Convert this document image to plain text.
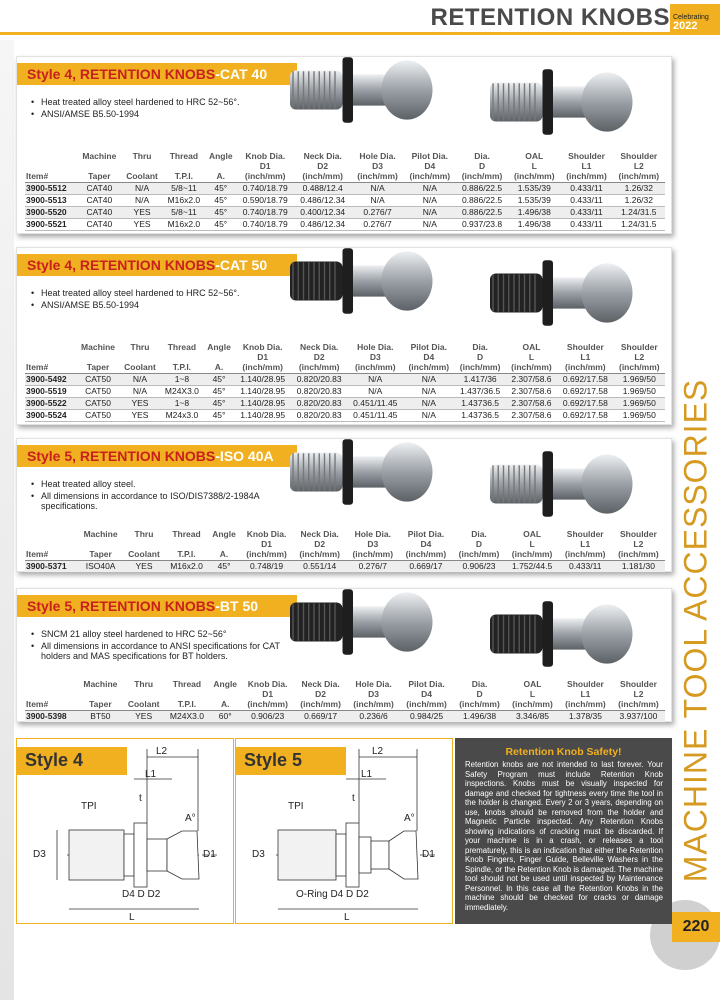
RETENTION KNOBS Celebrating
2022
MACHINE TOOL ACCESSORIES
220
Style 4, RETENTION KNOBS-CAT 40
• Heat treated alloy steel hardened to HRC 52~56°.
• ANSI/AMSE B5.50-1994
	Machine	Thru	Thread	Angle	Knob Dia.	Neck Dia.	Hole Dia.	Pilot Dia.	Dia.	OAL	Shoulder	Shoulder
					D1	D2	D3	D4	D	L	L1	L2
Item#	Taper	Coolant	T.P.I.	A.	(inch/mm)	(inch/mm)	(inch/mm)	(inch/mm)	(inch/mm)	(inch/mm)	(inch/mm)	(inch/mm)
3900-5512	CAT40	N/A	5/8~11	45°	0.740/18.79	0.488/12.4	N/A	N/A	0.886/22.5	1.535/39	0.433/11	1.26/32
3900-5513	CAT40	N/A	M16x2.0	45°	0.590/18.79	0.486/12.34	N/A	N/A	0.886/22.5	1.535/39	0.433/11	1.26/32
3900-5520	CAT40	YES	5/8~11	45°	0.740/18.79	0.400/12.34	0.276/7	N/A	0.886/22.5	1.496/38	0.433/11	1.24/31.5
3900-5521	CAT40	YES	M16x2.0	45°	0.740/18.79	0.486/12.34	0.276/7	N/A	0.937/23.8	1.496/38	0.433/11	1.24/31.5
Style 4, RETENTION KNOBS-CAT 50
• Heat treated alloy steel hardened to HRC 52~56°.
• ANSI/AMSE B5.50-1994
	Machine	Thru	Thread	Angle	Knob Dia.	Neck Dia.	Hole Dia.	Pilot Dia.	Dia.	OAL	Shoulder	Shoulder
					D1	D2	D3	D4	D	L	L1	L2
Item#	Taper	Coolant	T.P.I.	A.	(inch/mm)	(inch/mm)	(inch/mm)	(inch/mm)	(inch/mm)	(inch/mm)	(inch/mm)	(inch/mm)
3900-5492	CAT50	N/A	1~8	45°	1.140/28.95	0.820/20.83	N/A	N/A	1.417/36	2.307/58.6	0.692/17.58	1.969/50
3900-5519	CAT50	N/A	M24X3.0	45°	1.140/28.95	0.820/20.83	N/A	N/A	1.437/36.5	2.307/58.6	0.692/17.58	1.969/50
3900-5522	CAT50	YES	1~8	45°	1.140/28.95	0.820/20.83	0.451/11.45	N/A	1.43736.5	2.307/58.6	0.692/17.58	1.969/50
3900-5524	CAT50	YES	M24x3.0	45°	1.140/28.95	0.820/20.83	0.451/11.45	N/A	1.43736.5	2.307/58.6	0.692/17.58	1.969/50
Style 5, RETENTION KNOBS-ISO 40A
• Heat treated alloy steel.
• All dimensions in accordance to ISO/DIS7388/2-1984A specifications.
	Machine	Thru	Thread	Angle	Knob Dia.	Neck Dia.	Hole Dia.	Pilot Dia.	Dia.	OAL	Shoulder	Shoulder
					D1	D2	D3	D4	D	L	L1	L2
Item#	Taper	Coolant	T.P.I.	A.	(inch/mm)	(inch/mm)	(inch/mm)	(inch/mm)	(inch/mm)	(inch/mm)	(inch/mm)	(inch/mm)
3900-5371	ISO40A	YES	M16x2.0	45°	0.748/19	0.551/14	0.276/7	0.669/17	0.906/23	1.752/44.5	0.433/11	1.181/30
Style 5, RETENTION KNOBS-BT 50
• SNCM 21 alloy steel hardened to HRC 52~56°
• All dimensions in accordance to ANSI specifications for CAT holders and MAS specifications for BT holders.
	Machine	Thru	Thread	Angle	Knob Dia.	Neck Dia.	Hole Dia.	Pilot Dia.	Dia.	OAL	Shoulder	Shoulder
					D1	D2	D3	D4	D	L	L1	L2
Item#	Taper	Coolant	T.P.I.	A.	(inch/mm)	(inch/mm)	(inch/mm)	(inch/mm)	(inch/mm)	(inch/mm)	(inch/mm)	(inch/mm)
3900-5398	BT50	YES	M24X3.0	60°	0.906/23	0.669/17	0.236/6	0.984/25	1.496/38	3.346/85	1.378/35	3.937/100
Style 4	L2
L1
t
TPI
A°
D3	D1
D4 D D2
L
Style 5	L2
L1
t
TPI
A°
D3	D1
O-Ring D4 D D2
L
Retention Knob Safety!

Retention knobs are not intended to last forever. Your Safety Program must include Retention Knob inspections. Knobs must be visually inspected for damage and checked for tightness every time the tool in the holder is changed. Every 2 or 3 years, depending on use, knobs should be removed from the holder and Magnetic Particle inspected. Any Retention Knobs showing indications of cracking must be discarded. If your machine is in a crash, or releases a tool prematurely, this is an indication that either the Retention Knob Fingers, Finger Guide, Belleville Washers in the Spindle, or the Retention Knob is damaged. The machine tool should not be used until inspected by Maintenance Personnel. In this case all the Retention Knobs in the machine should be checked for cracks or damage immediately.
